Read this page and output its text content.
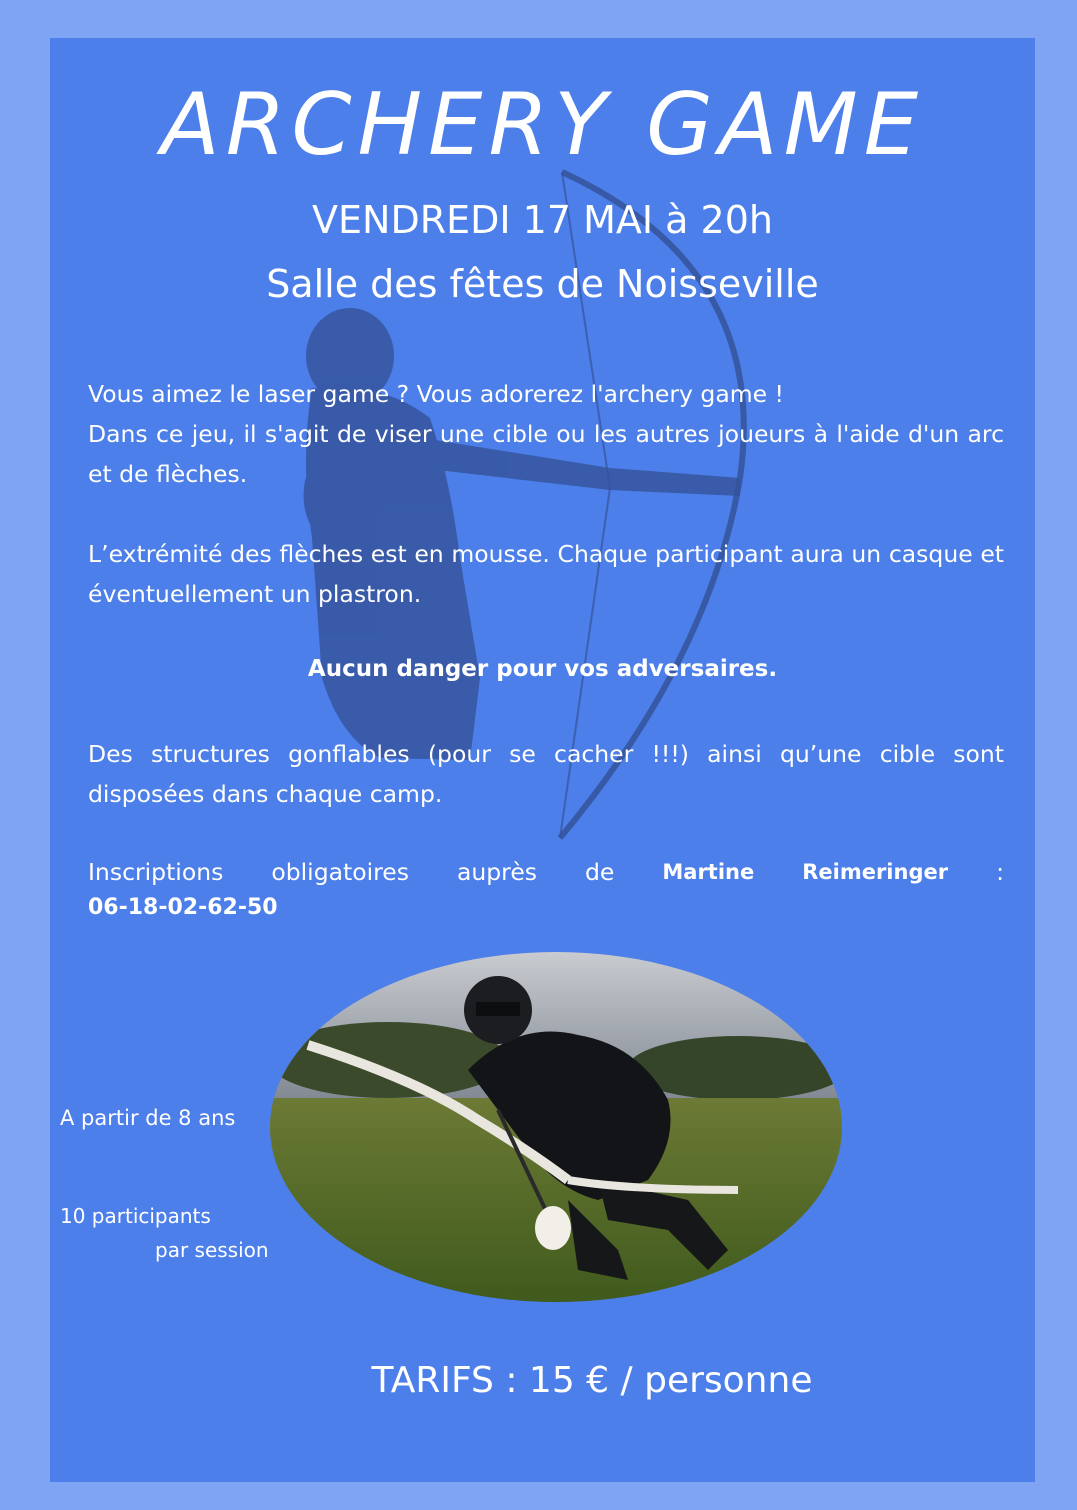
ARCHERY GAME
VENDREDI 17 MAI à 20h
Salle des fêtes de Noisseville
Vous aimez le laser game ? Vous adorerez l'archery game !
Dans ce jeu, il s'agit de viser une cible ou les autres joueurs à l'aide d'un arc et de flèches.
L’extrémité des flèches est en mousse. Chaque participant aura un casque et éventuellement un plastron.
Aucun danger pour vos adversaires.
Des structures gonflables (pour se cacher !!!) ainsi qu’une cible sont disposées dans chaque camp.
Inscriptions obligatoires auprès de Martine Reimeringer :
06-18-02-62-50
A partir de 8 ans
10 participants
par session
TARIFS : 15 € / personne
